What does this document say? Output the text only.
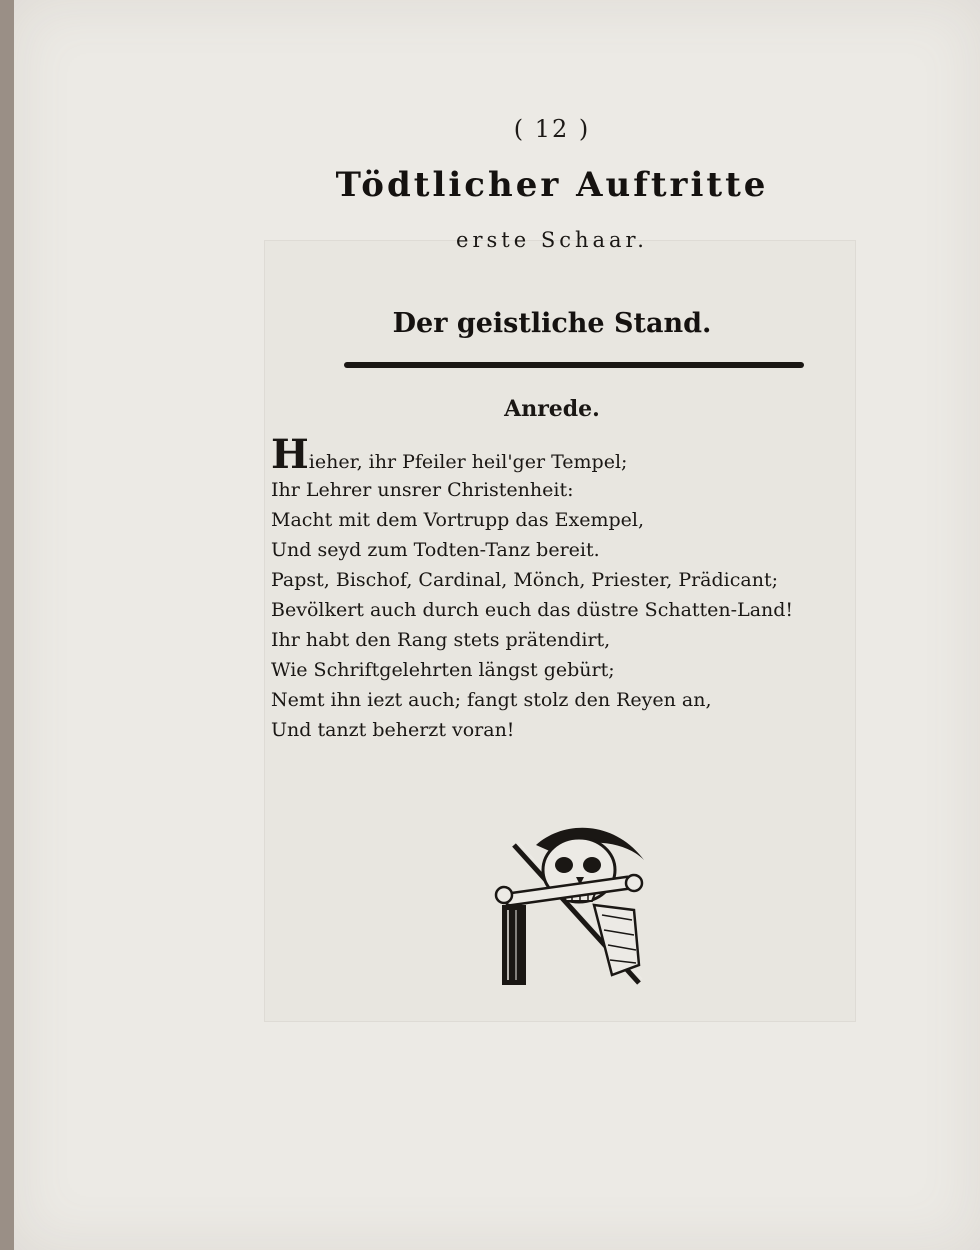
( 12 )
Tödtlicher Auftritte
erste Schaar.
Der geistliche Stand.
Anrede.
Hieher, ihr Pfeiler heil'ger Tempel;
Ihr Lehrer unsrer Christenheit:
Macht mit dem Vortrupp das Exempel,
Und seyd zum Todten-Tanz bereit.
Papst, Bischof, Cardinal, Mönch, Priester, Prädicant;
Bevölkert auch durch euch das düstre Schatten-Land!
Ihr habt den Rang stets prätendirt,
Wie Schriftgelehrten längst gebürt;
Nemt ihn iezt auch; fangt stolz den Reyen an,
Und tanzt beherzt voran!
